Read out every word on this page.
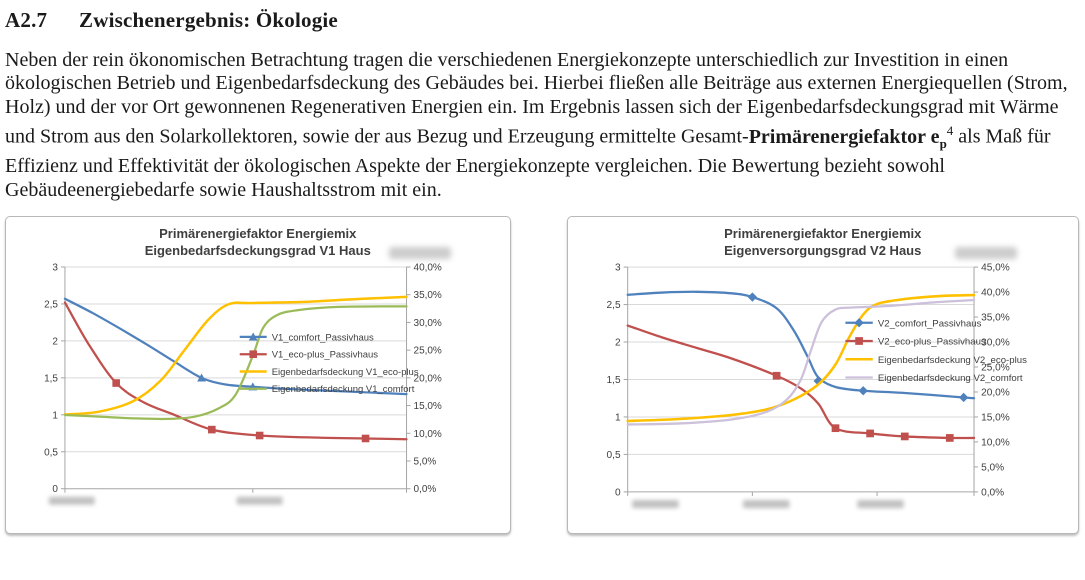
A2.7 Zwischenergebnis: Ökologie

Neben der rein ökonomischen Betrachtung tragen die verschiedenen Energiekonzepte unterschiedlich zur Investition in einen ökologischen Betrieb und Eigenbedarfsdeckung des Gebäudes bei. Hierbei fließen alle Beiträge aus externen Energiequellen (Strom, Holz) und der vor Ort gewonnenen Regenerativen Energien ein. Im Ergebnis lassen sich der Eigenbedarfsdeckungsgrad mit Wärme und Strom aus den Solarkollektoren, sowie der aus Bezug und Erzeugung ermittelte Gesamt-Primärenergiefaktor $e_p^4$ als Maß für Effizienz und Effektivität der ökologischen Aspekte der Energiekonzepte vergleichen. Die Bewertung bezieht sowohl Gebäudeenergiebedarfe sowie Haushaltsstrom mit ein.

Primärenergiefaktor Energiemix
Eigenbedarfsdeckungsgrad V1 Haus
0
0,5
1
1,5
2
2,5
3
0,0%
5,0%
10,0%
15,0%
20,0%
25,0%
30,0%
35,0%
40,0%
V1_comfort_Passivhaus
V1_eco-plus_Passivhaus
Eigenbedarfsdeckung V1_eco-plus
Eigenbedarfsdeckung V1_comfort
Primärenergiefaktor Energiemix
Eigenversorgungsgrad V2 Haus
0
0,5
1
1,5
2
2,5
3
0,0%
5,0%
10,0%
15,0%
20,0%
25,0%
30,0%
35,0%
40,0%
45,0%
V2_comfort_Passivhaus
V2_eco-plus_Passivhaus
Eigenbedarfsdeckung V2_eco-plus
Eigenbedarfsdeckung V2_comfort
